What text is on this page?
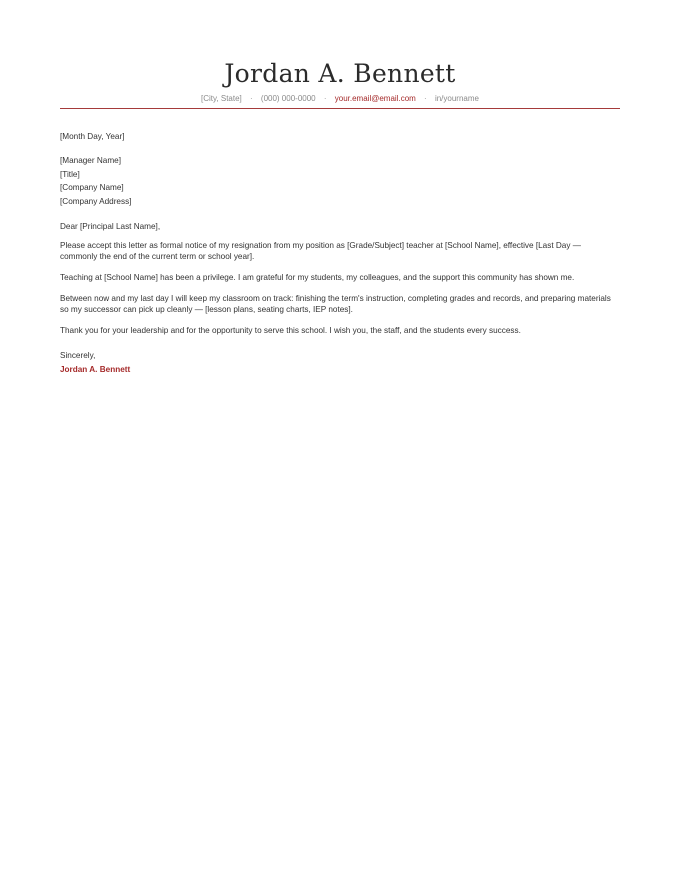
Jordan A. Bennett
[City, State] · (000) 000-0000 · your.email@email.com · in/yourname

[Month Day, Year]

[Manager Name]
[Title]
[Company Name]
[Company Address]

Dear [Principal Last Name],

Please accept this letter as formal notice of my resignation from my position as [Grade/Subject] teacher at [School Name], effective [Last Day — commonly the end of the current term or school year].

Teaching at [School Name] has been a privilege. I am grateful for my students, my colleagues, and the support this community has shown me.

Between now and my last day I will keep my classroom on track: finishing the term's instruction, completing grades and records, and preparing materials so my successor can pick up cleanly — [lesson plans, seating charts, IEP notes].

Thank you for your leadership and for the opportunity to serve this school. I wish you, the staff, and the students every success.

Sincerely,

Jordan A. Bennett
